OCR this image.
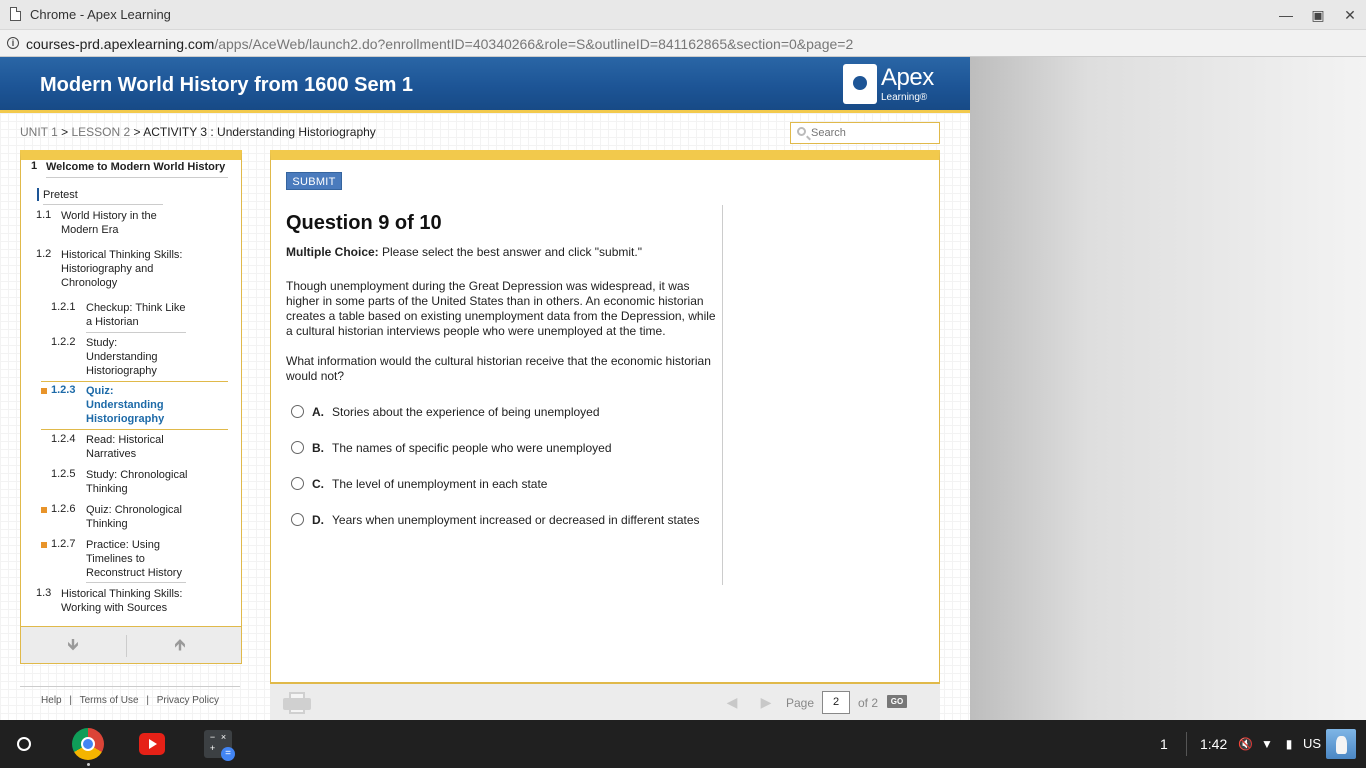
Chrome - Apex Learning	—	▣	✕
i courses-prd.apexlearning.com/apps/AceWeb/launch2.do?enrollmentID=40340266&role=S&outlineID=841162865&section=0&page=2
Modern World History from 1600 Sem 1	Apex
Learning®
UNIT 1 > LESSON 2 > ACTIVITY 3 : Understanding Historiography
Search
1 Welcome to Modern World History
Pretest
1.1 World History in the
Modern Era
1.2 Historical Thinking Skills:
Historiography and
Chronology
1.2.1 Checkup: Think Like
a Historian
1.2.2 Study:
Understanding
Historiography
1.2.3 Quiz:
Understanding
Historiography
1.2.4 Read: Historical
Narratives
1.2.5 Study: Chronological
Thinking
1.2.6 Quiz: Chronological
Thinking
1.2.7 Practice: Using
Timelines to
Reconstruct History
1.3 Historical Thinking Skills:
Working with Sources
🡻	🡹
Help | Terms of Use | Privacy Policy
SUBMIT
Question 9 of 10
Multiple Choice: Please select the best answer and click "submit."
Though unemployment during the Great Depression was widespread, it was higher in some parts of the United States than in others. An economic historian creates a table based on existing unemployment data from the Depression, while a cultural historian interviews people who were unemployed at the time.
What information would the cultural historian receive that the economic historian would not?
A. Stories about the experience of being unemployed
B. The names of specific people who were unemployed
C. The level of unemployment in each state
D. Years when unemployment increased or decreased in different states
◀	▶	Page	2	of 2	GO
− ×
+ =
1 1:42 🔇 ▼	▮ US
